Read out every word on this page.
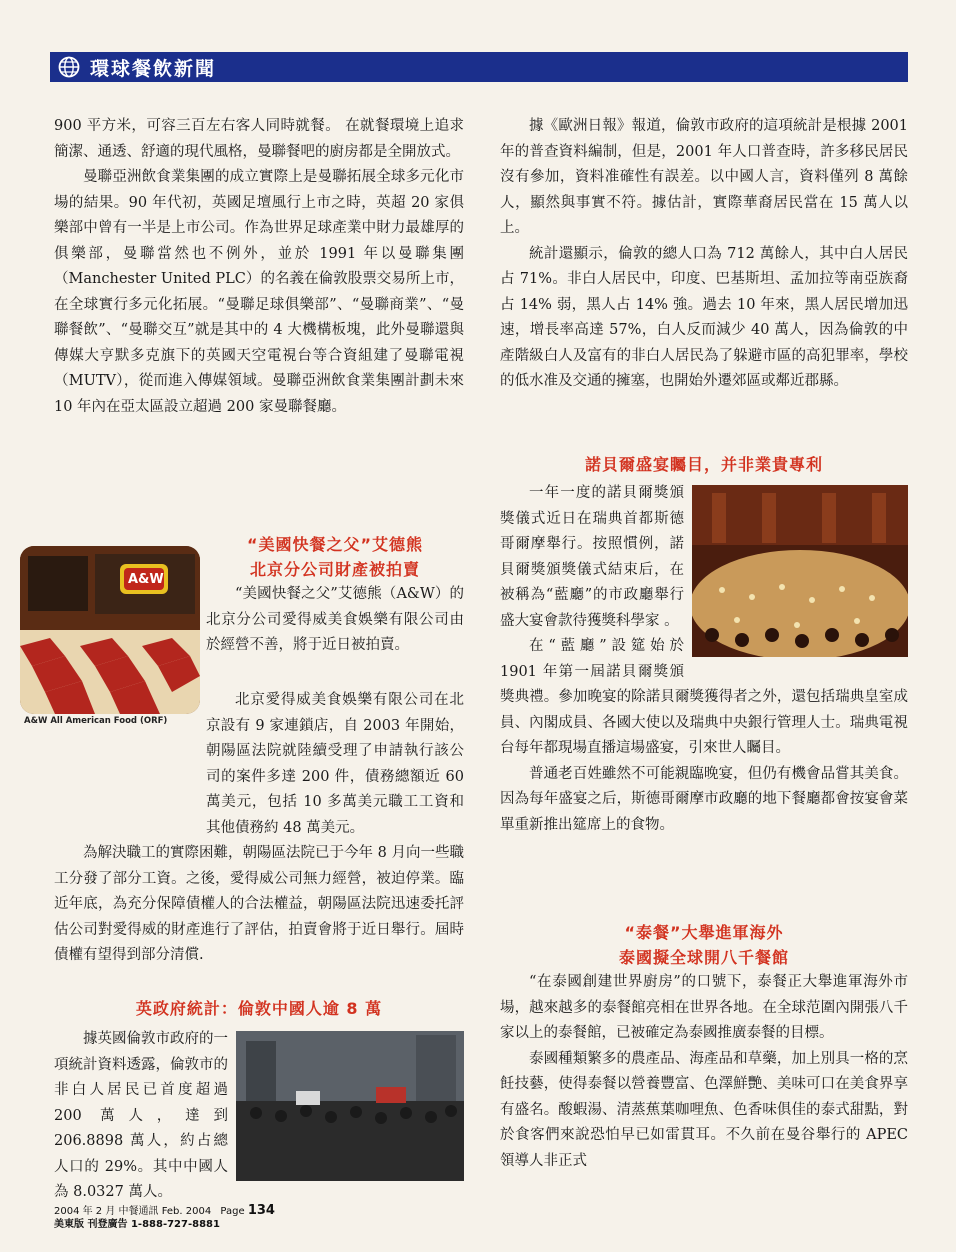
環球餐飲新聞

900 平方米，可容三百左右客人同時就餐。 在就餐環境上追求簡潔、通透、舒適的現代風格，曼聯餐吧的廚房都是全開放式。

曼聯亞洲飲食業集團的成立實際上是曼聯拓展全球多元化市場的結果。90 年代初，英國足壇風行上市之時，英超 20 家俱樂部中曾有一半是上市公司。作為世界足球產業中財力最雄厚的俱樂部，曼聯當然也不例外，並於 1991 年以曼聯集團（Manchester United PLC）的名義在倫敦股票交易所上市，在全球實行多元化拓展。“曼聯足球俱樂部”、“曼聯商業”、“曼聯餐飲”、“曼聯交互”就是其中的 4 大機構板塊，此外曼聯還與傳媒大亨默多克旗下的英國天空電視台等合資組建了曼聯電視（MUTV），從而進入傳媒領域。曼聯亞洲飲食業集團計劃未來 10 年內在亞太區設立超過 200 家曼聯餐廳。

A&W
A&W All American Food (ORF)
“美國快餐之父”艾德熊
北京分公司財產被拍賣

“美國快餐之父”艾德熊（A&W）的北京分公司愛得威美食娛樂有限公司由於經營不善，將于近日被拍賣。

北京愛得威美食娛樂有限公司在北京設有 9 家連鎖店，自 2003 年開始，朝陽區法院就陸續受理了申請執行該公司的案件多達 200 件，債務總額近 60 萬美元，包括 10 多萬美元職工工資和其他債務約 48 萬美元。

為解決職工的實際困難，朝陽區法院已于今年 8 月向一些職工分發了部分工資。之後，愛得威公司無力經營，被迫停業。臨近年底，為充分保障債權人的合法權益，朝陽區法院迅速委托評估公司對愛得威的財產進行了評估，拍賣會將于近日舉行。屆時債權有望得到部分清償.

英政府統計：倫敦中國人逾 8 萬

據英國倫敦市政府的一項統計資料透露，倫敦市的非白人居民已首度超過 200 萬人，達到 206.8898 萬人，約占總人口的 29%。其中中國人為 8.0327 萬人。

據《歐洲日報》報道，倫敦市政府的這項統計是根據 2001 年的普查資料編制，但是，2001 年人口普查時，許多移民居民沒有參加，資料准確性有誤差。以中國人言，資料僅列 8 萬餘人，顯然與事實不符。據估計，實際華裔居民當在 15 萬人以上。

統計還顯示，倫敦的總人口為 712 萬餘人，其中白人居民占 71%。非白人居民中，印度、巴基斯坦、孟加拉等南亞族裔占 14% 弱，黑人占 14% 強。過去 10 年來，黑人居民增加迅速，增長率高達 57%，白人反而減少 40 萬人，因為倫敦的中產階級白人及富有的非白人居民為了躲避市區的高犯罪率，學校的低水准及交通的擁塞，也開始外遷郊區或鄰近郡縣。

諾貝爾盛宴矚目，并非業貴專利

一年一度的諾貝爾獎頒獎儀式近日在瑞典首都斯德哥爾摩舉行。按照慣例，諾貝爾獎頒獎儀式結束后，在被稱為“藍廳”的市政廳舉行盛大宴會款待獲獎科學家 。

在“藍廳”設筵始於 1901 年第一屆諾貝爾獎頒獎典禮。參加晚宴的除諾貝爾獎獲得者之外，還包括瑞典皇室成員、內閣成員、各國大使以及瑞典中央銀行管理人士。瑞典電視台每年都現場直播這場盛宴，引來世人矚目。

普通老百姓雖然不可能親臨晚宴，但仍有機會品嘗其美食。因為每年盛宴之后，斯德哥爾摩市政廳的地下餐廳都會按宴會菜單重新推出筵席上的食物。

“泰餐”大舉進軍海外
泰國擬全球開八千餐館

“在泰國創建世界廚房”的口號下，泰餐正大舉進軍海外市場，越來越多的泰餐館亮相在世界各地。在全球范圍內開張八千家以上的泰餐館，已被確定為泰國推廣泰餐的目標。

泰國種類繁多的農產品、海產品和草藥，加上別具一格的烹飪技藝，使得泰餐以營養豐富、色澤鮮艷、美味可口在美食界享有盛名。酸蝦湯、清蒸蕉葉咖哩魚、色香味俱佳的泰式甜點，對於食客們來說恐怕早已如雷貫耳。不久前在曼谷舉行的 APEC 領導人非正式

2004 年 2 月 中餐通訊 Feb. 2004 Page 134
美東版 刊登廣告 1-888-727-8881
